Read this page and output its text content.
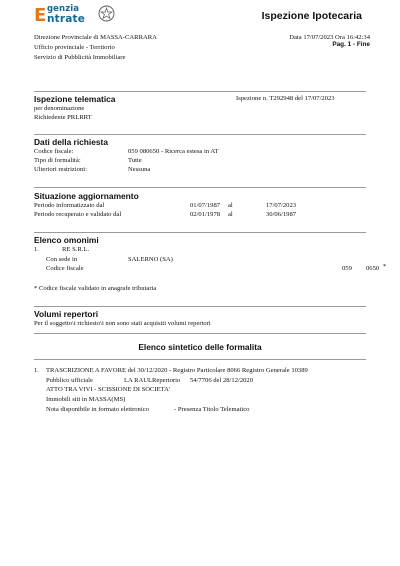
E genzia
ntrate	Ispezione Ipotecaria
Direzione Provinciale di MASSA-CARRARA
Ufficio provinciale - Territorio
Servizio di Pubblicità Immobiliare
Data 17/07/2023 Ora 16:42:34
Pag. 1 - Fine
Ispezione telematica	Ispezione n. T292948 del 17/07/2023
per denominazione
Richiedente PRLRRT
Dati della richiesta
Codice fiscale:	059 080650 - Ricerca estesa in AT
Tipo di formalità:	Tutte
Ulteriori restrizioni:	Nessuna
Situazione aggiornamento
Periodo informatizzato dal	01/07/1987 al	17/07/2023
Periodo recuperato e validato dal	02/01/1978 al	30/06/1987
Elenco omonimi
1.	RE S.R.L.
Con sede in	SALERNO (SA)
Codice fiscale	059 0650 *
* Codice fiscale validato in anagrafe tributaria
Volumi repertori
Per il soggetto\i richiesto\i non sono stati acquisiti volumi repertori
Elenco sintetico delle formalita
1. TRASCRIZIONE A FAVORE del 30/12/2020 - Registro Particolare 8066 Registro Generale 10389
Pubblico ufficiale	LA RAUL Repertorio 54/7706 del 28/12/2020
ATTO TRA VIVI - SCISSIONE DI SOCIETA'
Immobili siti in MASSA(MS)
Nota disponibile in formato elettronico	- Presenza Titolo Telematico
